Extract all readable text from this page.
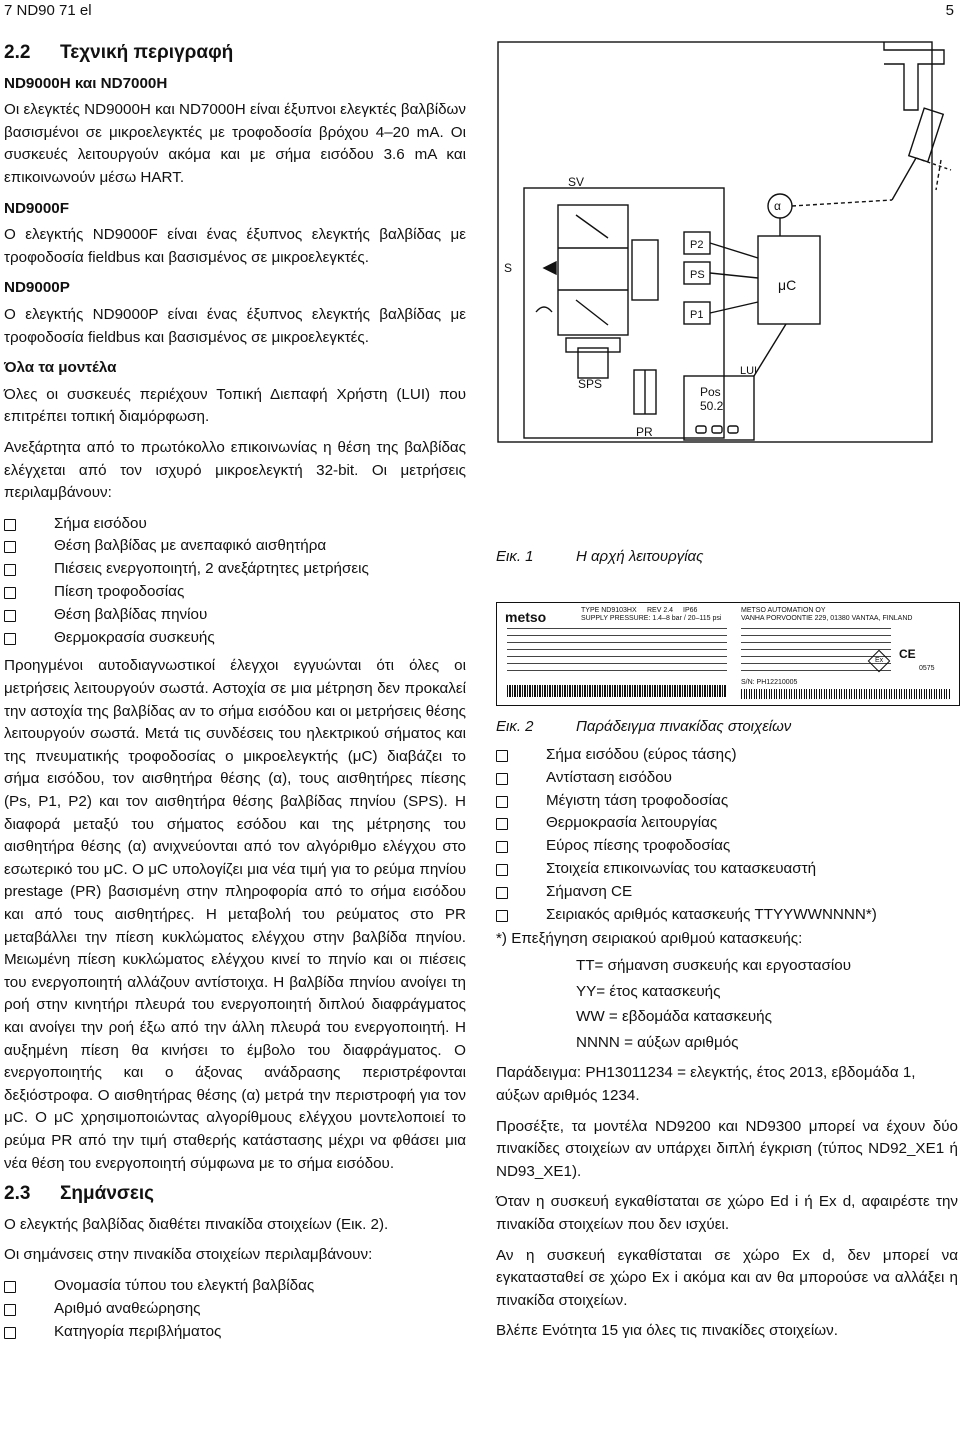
7 ND90 71 el	5
2.2 Τεχνική περιγραφή
ND9000H και ND7000H

Οι ελεγκτές ND9000H και ND7000H είναι έξυπνοι ελεγκτές βαλβίδων βασισμένοι σε μικροελεγκτές με τροφοδοσία βρόχου 4–20 mA. Οι συσκευές λειτουργούν ακόμα και με σήμα εισόδου 3.6 mA και επικοινωνούν μέσω HART.

ND9000F

Ο ελεγκτής ND9000F είναι ένας έξυπνος ελεγκτής βαλβίδας με τροφοδοσία fieldbus και βασισμένος σε μικροελεγκτές.

ND9000P

Ο ελεγκτής ND9000P είναι ένας έξυπνος ελεγκτής βαλβίδας με τροφοδοσία fieldbus και βασισμένος σε μικροελεγκτές.

Όλα τα μοντέλα

Όλες οι συσκευές περιέχουν Τοπική Διεπαφή Χρήστη (LUI) που επιτρέπει τοπική διαμόρφωση.

Ανεξάρτητα από το πρωτόκολλο επικοινωνίας η θέση της βαλβίδας ελέγχεται από τον ισχυρό μικροελεγκτή 32-bit. Οι μετρήσεις περιλαμβάνουν:

Σήμα εισόδου
Θέση βαλβίδας με ανεπαφικό αισθητήρα
Πιέσεις ενεργοποιητή, 2 ανεξάρτητες μετρήσεις
Πίεση τροφοδοσίας
Θέση βαλβίδας πηνίου
Θερμοκρασία συσκευής

Προηγμένοι αυτοδιαγνωστικοί έλεγχοι εγγυώνται ότι όλες οι μετρήσεις λειτουργούν σωστά. Αστοχία σε μια μέτρηση δεν προκαλεί την αστοχία της βαλβίδας αν το σήμα εισόδου και οι μετρήσεις θέσης λειτουργούν σωστά. Μετά τις συνδέσεις του ηλεκτρικού σήματος και της πνευματικής τροφοδοσίας ο μικροελεγκτής (μC) διαβάζει το σήμα εισόδου, τον αισθητήρα θέσης (α), τους αισθητήρες πίεσης (Ps, P1, P2) και τον αισθητήρα θέσης βαλβίδας πηνίου (SPS). Η διαφορά μεταξύ του σήματος εσόδου και της μέτρησης του αισθητήρα θέσης (α) ανιχνεύονται από τον αλγόριθμο ελέγχου στο εσωτερικό του μC. Ο μC υπολογίζει μια νέα τιμή για το ρεύμα πηνίου prestage (PR) βασισμένη στην πληροφορία από το σήμα εισόδου και από τους αισθητήρες. Η μεταβολή του ρεύματος στο PR μεταβάλλει την πίεση κυκλώματος ελέγχου στην βαλβίδα πηνίου. Μειωμένη πίεση κυκλώματος ελέγχου κινεί το πηνίο και οι πιέσεις του ενεργοποιητή αλλάζουν αντίστοιχα. Η βαλβίδα πηνίου ανοίγει τη ροή στην κινητήρι πλευρά του ενεργοποιητή διπλού διαφράγματος και ανοίγει την ροή έξω από την άλλη πλευρά του ενεργοποιητή. Η αυξημένη πίεση θα κινήσει το έμβολο του διαφράγματος. Ο ενεργοποιητής και ο άξονας ανάδρασης περιστρέφονται δεξιόστροφα. Ο αισθητήρας θέσης (α) μετρά την περιστροφή για τον μC. Ο μC χρησιμοποιώντας αλγορίθμους ελέγχου μοντελοποιεί το ρεύμα PR από την τιμή σταθερής κατάστασης μέχρι να φθάσει μια νέα θέση του ενεργοποιητή σύμφωνα με το σήμα εισόδου.

2.3 Σημάνσεις

Ο ελεγκτής βαλβίδας διαθέτει πινακίδα στοιχείων (Εικ. 2).

Οι σημάνσεις στην πινακίδα στοιχείων περιλαμβάνουν:

Ονομασία τύπου του ελεγκτή βαλβίδας
Αριθμό αναθεώρησης
Κατηγορία περιβλήματος
SV
S
SPS
PR
P2
PS
P1
μC
α
LUI
Pos
50.2
Εικ. 1	Η αρχή λειτουργίας
metso	TYPE ND9103HX REV 2.4 IP66
SUPPLY PRESSURE: 1.4–8 bar / 20–115 psi
METSO AUTOMATION OY
VANHA PORVOONTIE 229, 01380 VANTAA, FINLAND
CE
Ex
0575
S/N: PH12210005
Εικ. 2	Παράδειγμα πινακίδας στοιχείων
Σήμα εισόδου (εύρος τάσης)
Αντίσταση εισόδου
Μέγιστη τάση τροφοδοσίας
Θερμοκρασία λειτουργίας
Εύρος πίεσης τροφοδοσίας
Στοιχεία επικοινωνίας του κατασκευαστή
Σήμανση CE
Σειριακός αριθμός κατασκευής TTYYWWNNNN*)
*) Επεξήγηση σειριακού αριθμού κατασκευής:
TT= σήμανση συσκευής και εργοστασίου
YY= έτος κατασκευής
WW = εβδομάδα κατασκευής
NNNN = αύξων αριθμός

Παράδειγμα: PH13011234 = ελεγκτής, έτος 2013, εβδομάδα 1, αύξων αριθμός 1234.

Προσέξτε, τα μοντέλα ND9200 και ND9300 μπορεί να έχουν δύο πινακίδες στοιχείων αν υπάρχει διπλή έγκριση (τύπος ND92_XE1 ή ND93_XE1).

Όταν η συσκευή εγκαθίσταται σε χώρο Ed i ή Ex d, αφαιρέστε την πινακίδα στοιχείων που δεν ισχύει.

Αν η συσκευή εγκαθίσταται σε χώρο Ex d, δεν μπορεί να εγκατασταθεί σε χώρο Ex i ακόμα και αν θα μπορούσε να αλλάξει η πινακίδα στοιχείων.

Βλέπε Ενότητα 15 για όλες τις πινακίδες στοιχείων.
